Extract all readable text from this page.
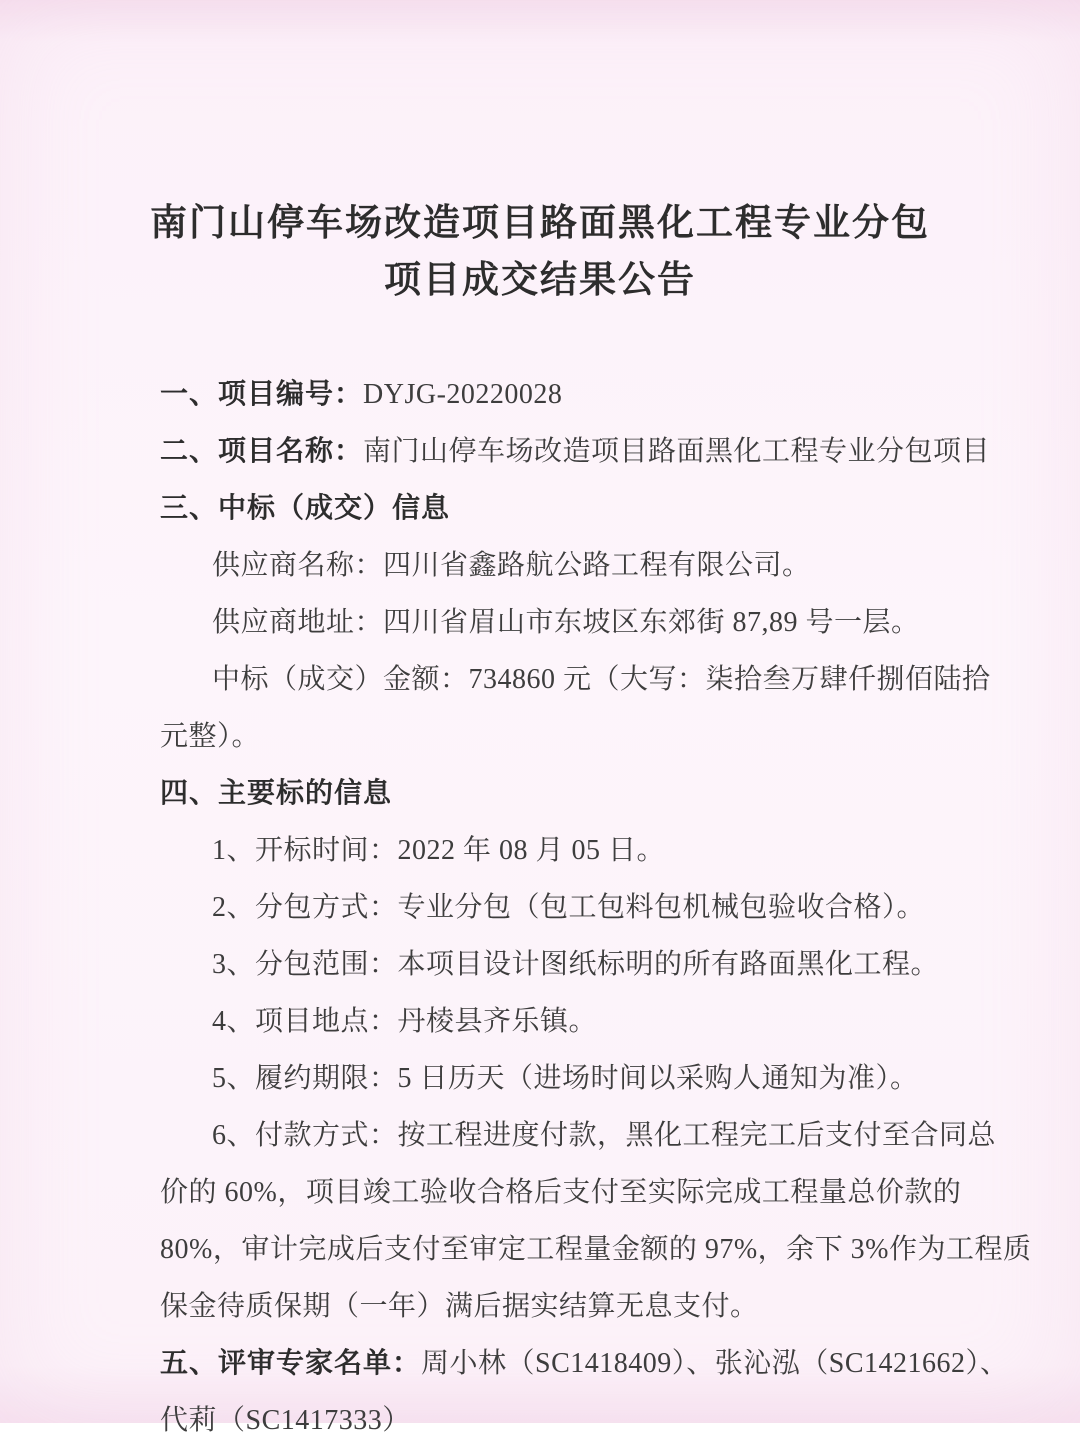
南门山停车场改造项目路面黑化工程专业分包
项目成交结果公告

一、项目编号：DYJG-20220028

二、项目名称：南门山停车场改造项目路面黑化工程专业分包项目

三、中标（成交）信息

供应商名称：四川省鑫路航公路工程有限公司。

供应商地址：四川省眉山市东坡区东郊街 87,89 号一层。

中标（成交）金额：734860 元（大写：柒拾叁万肆仟捌佰陆拾

元整）。

四、主要标的信息

1、开标时间：2022 年 08 月 05 日。

2、分包方式：专业分包（包工包料包机械包验收合格）。

3、分包范围：本项目设计图纸标明的所有路面黑化工程。

4、项目地点：丹棱县齐乐镇。

5、履约期限：5 日历天（进场时间以采购人通知为准）。

6、付款方式：按工程进度付款，黑化工程完工后支付至合同总

价的 60%，项目竣工验收合格后支付至实际完成工程量总价款的

80%，审计完成后支付至审定工程量金额的 97%，余下 3%作为工程质

保金待质保期（一年）满后据实结算无息支付。

五、评审专家名单：周小林（SC1418409）、张沁泓（SC1421662）、

代莉（SC1417333）
